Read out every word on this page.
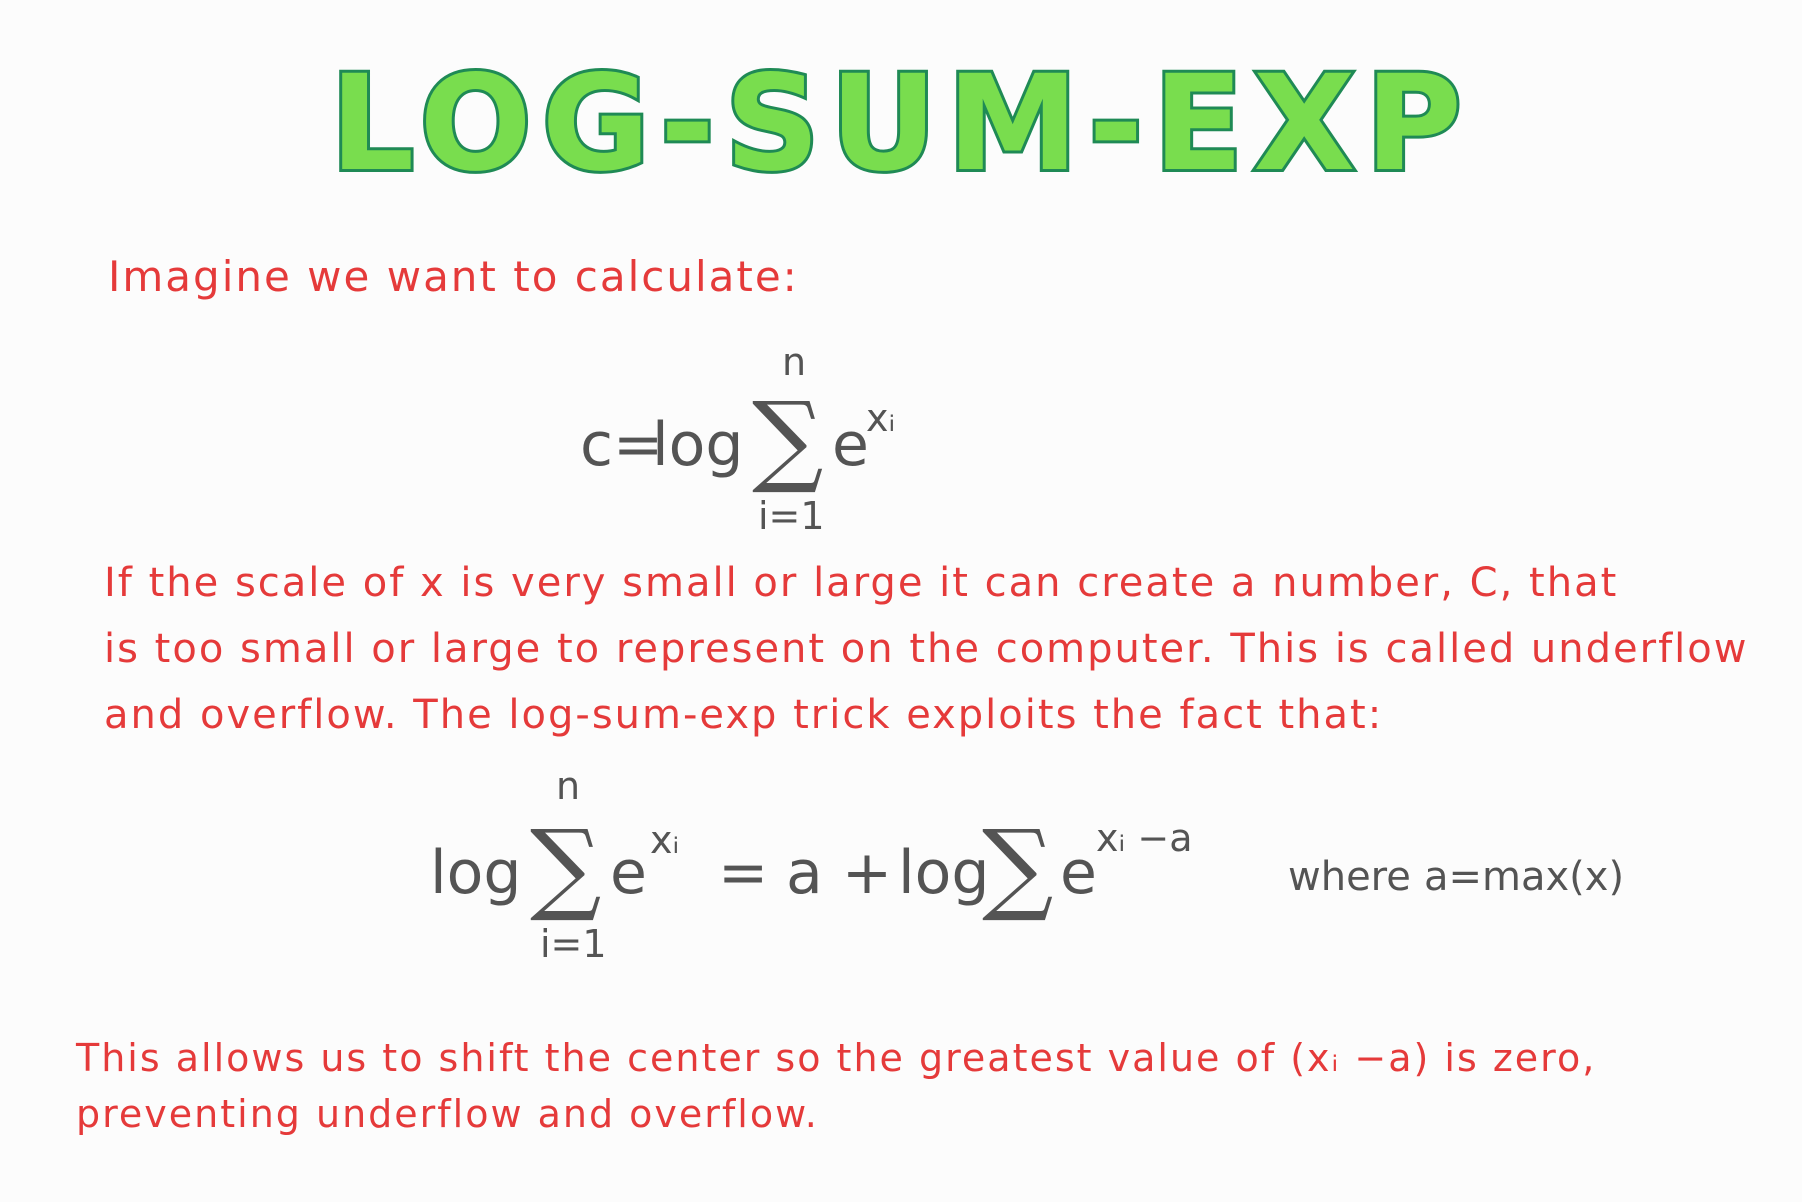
LOG-SUM-EXP
Imagine we want to calculate:
n
c=
log ∑ e
xᵢ
i=1
If the scale of x is very small or large it can create a number, C, that
is too small or large to represent on the computer. This is called underflow
and overflow. The log-sum-exp trick exploits the fact that:
n
log ∑ e xᵢ
i=1
= a + log
∑ e xᵢ −a
where a=max(x)
This allows us to shift the center so the greatest value of (xᵢ −a) is zero,
preventing underflow and overflow.
